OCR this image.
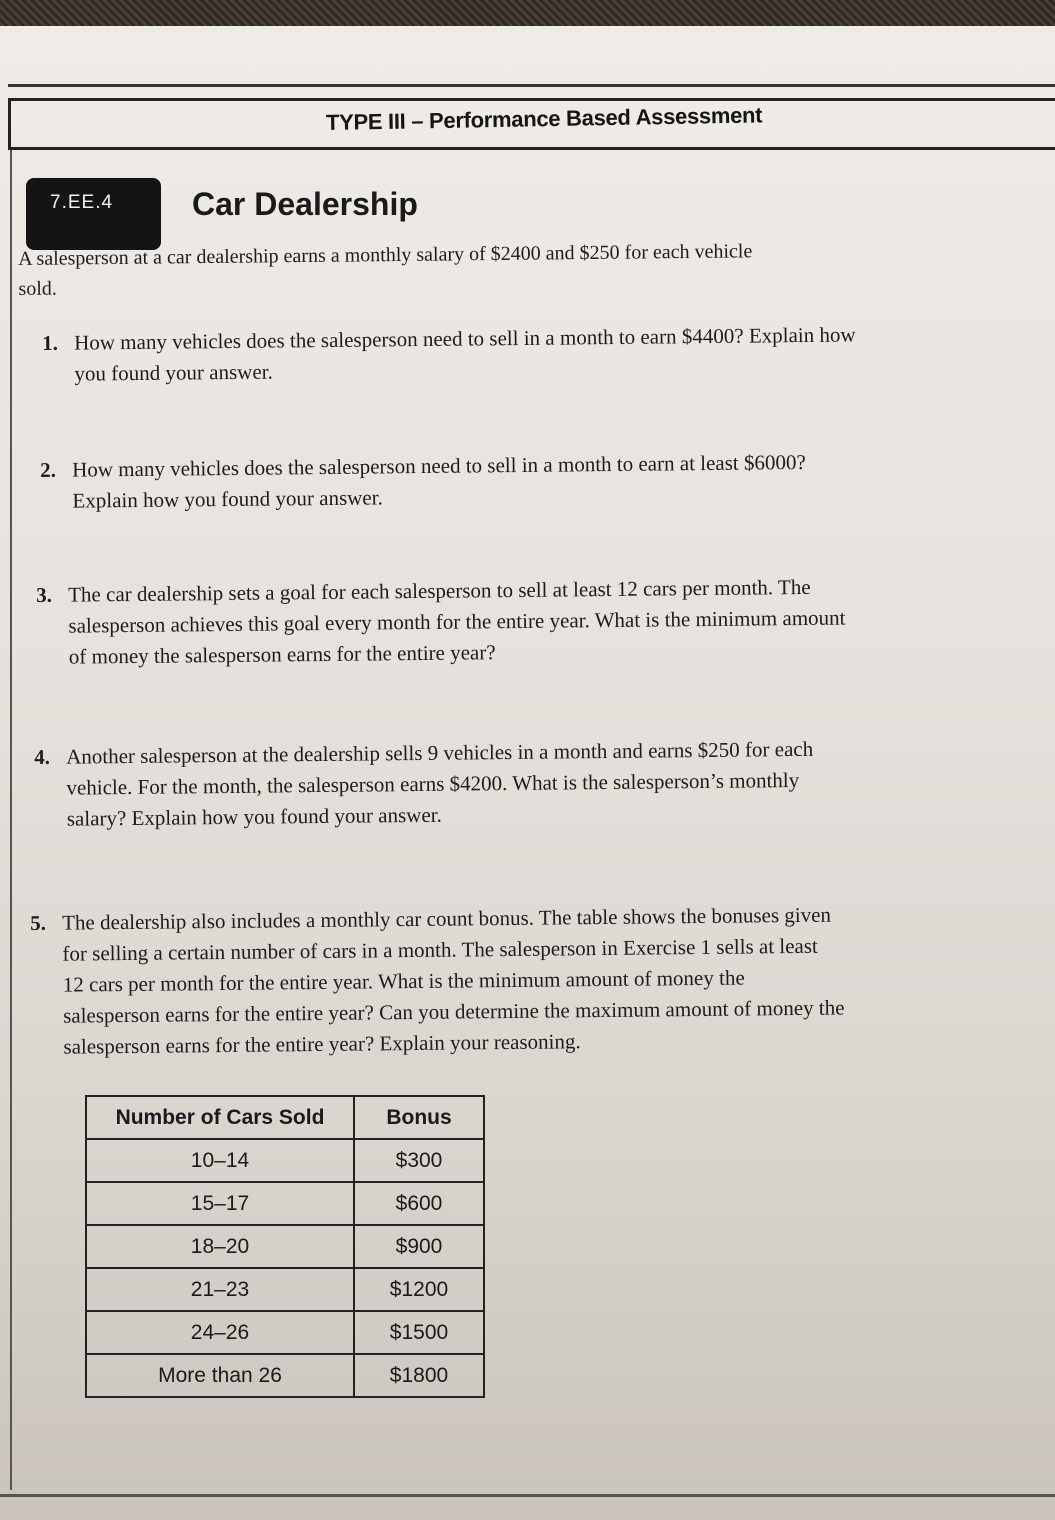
TYPE III – Performance Based Assessment
7.EE.4 Car Dealership
A salesperson at a car dealership earns a monthly salary of $2400 and $250 for each vehicle
sold.
1. How many vehicles does the salesperson need to sell in a month to earn $4400? Explain how
you found your answer.
2. How many vehicles does the salesperson need to sell in a month to earn at least $6000?
Explain how you found your answer.
3. The car dealership sets a goal for each salesperson to sell at least 12 cars per month. The
salesperson achieves this goal every month for the entire year. What is the minimum amount
of money the salesperson earns for the entire year?
4. Another salesperson at the dealership sells 9 vehicles in a month and earns $250 for each
vehicle. For the month, the salesperson earns $4200. What is the salesperson’s monthly
salary? Explain how you found your answer.
5. The dealership also includes a monthly car count bonus. The table shows the bonuses given
for selling a certain number of cars in a month. The salesperson in Exercise 1 sells at least
12 cars per month for the entire year. What is the minimum amount of money the
salesperson earns for the entire year? Can you determine the maximum amount of money the
salesperson earns for the entire year? Explain your reasoning.
Number of Cars Sold	Bonus
10–14	$300
15–17	$600
18–20	$900
21–23	$1200
24–26	$1500
More than 26	$1800
